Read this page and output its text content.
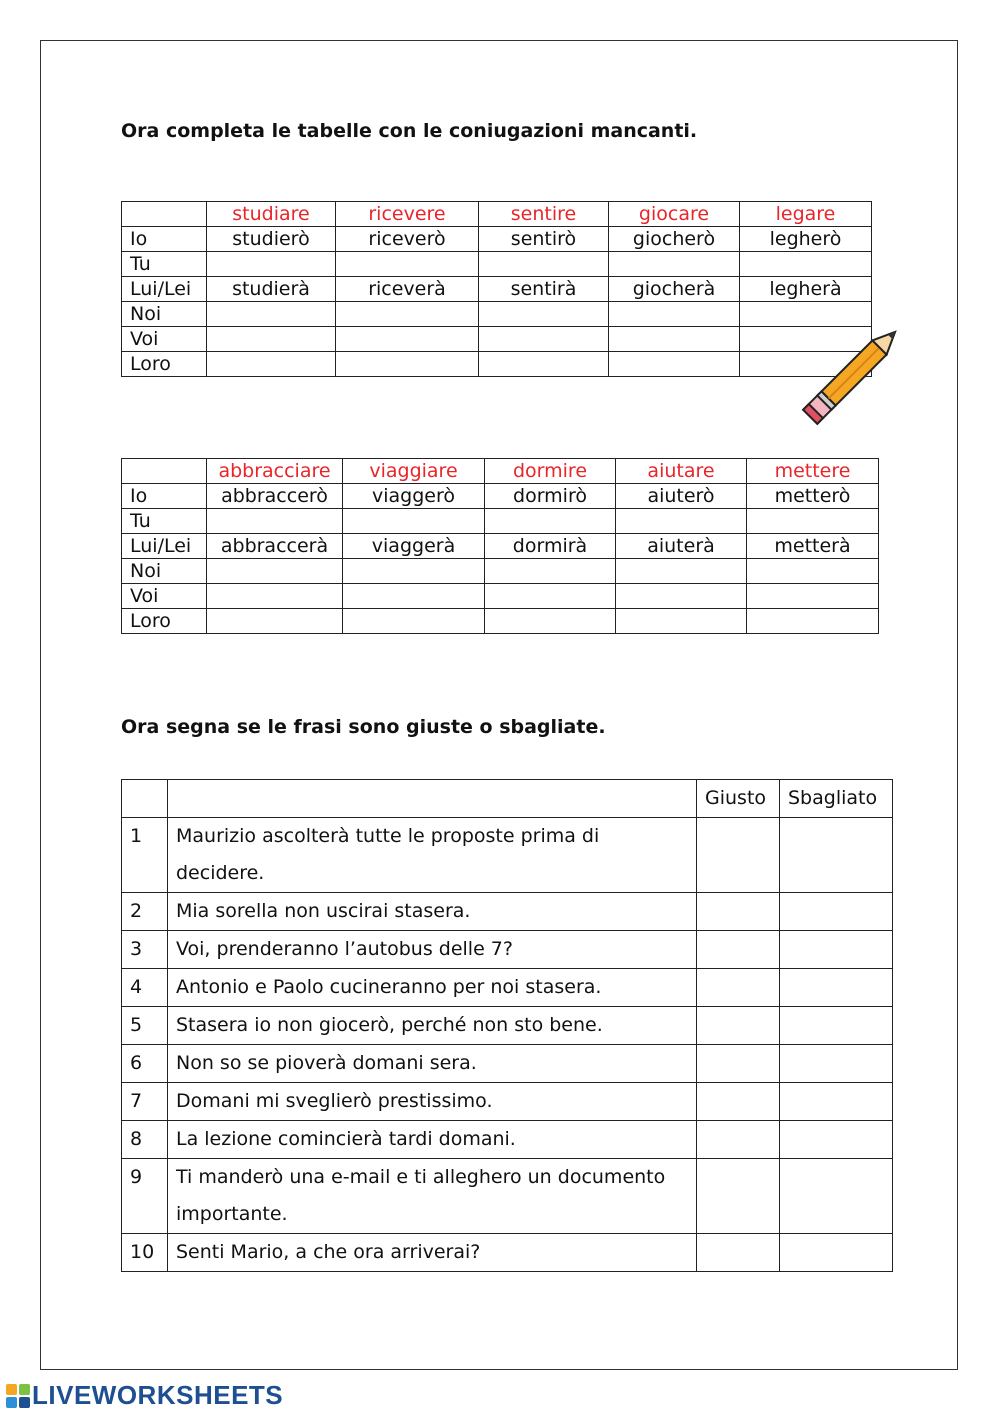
Ora completa le tabelle con le coniugazioni mancanti.
	studiare	ricevere	sentire	giocare	legare
Io	studierò	riceverò	sentirò	giocherò	legherò
Tu					
Lui/Lei	studierà	riceverà	sentirà	giocherà	legherà
Noi					
Voi					
Loro					
	abbracciare	viaggiare	dormire	aiutare	mettere
Io	abbraccerò	viaggerò	dormirò	aiuterò	metterò
Tu					
Lui/Lei	abbraccerà	viaggerà	dormirà	aiuterà	metterà
Noi					
Voi					
Loro					
Ora segna se le frasi sono giuste o sbagliate.
		Giusto	Sbagliato
1	Maurizio ascolterà tutte le proposte prima di decidere.		
2	Mia sorella non uscirai stasera.		
3	Voi, prenderanno l’autobus delle 7?		
4	Antonio e Paolo cucineranno per noi stasera.		
5	Stasera io non giocerò, perché non sto bene.		
6	Non so se pioverà domani sera.		
7	Domani mi sveglierò prestissimo.		
8	La lezione comincierà tardi domani.		
9	Ti manderò una e-mail e ti alleghero un documento importante.		
10	Senti Mario, a che ora arriverai?		
LIVEWORKSHEETS
